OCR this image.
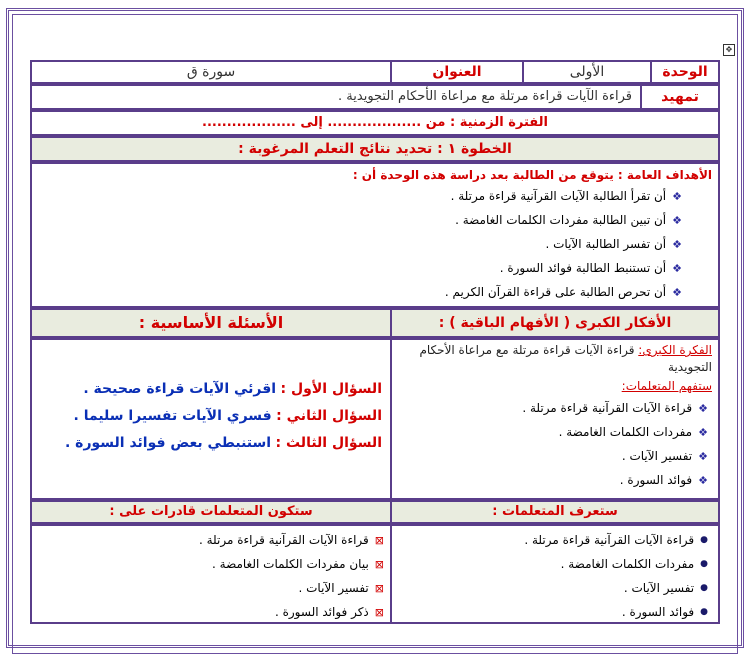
✥
الوحدة
الأولى
العنوان
سورة ق
تمهيد
قراءة الآيات قراءة مرتلة مع مراعاة الأحكام التجويدية .
الفترة الزمنية : من ................... إلى ...................
الخطوة ١ : تحديد نتائج التعلم المرغوبة :
الأهداف العامة : يتوقع من الطالبة بعد دراسة هذه الوحدة أن :
❖
أن تقرأ الطالبة الآيات القرآنية قراءة مرتلة .
❖
أن تبين الطالبة مفردات الكلمات الغامضة .
❖
أن تفسر الطالبة الآيات .
❖
أن تستنبط الطالبة فوائد السورة .
❖
أن تحرص الطالبة على قراءة القرآن الكريم .
الأفكار الكبرى ( الأفهام الباقية ) :
الأسئلة الأساسية :
الفكرة الكبرى: قراءة الآيات قراءة مرتلة مع مراعاة الأحكام التجويدية
ستفهم المتعلمات:
❖
قراءة الآيات القرآنية قراءة مرتلة .
❖
مفردات الكلمات الغامضة .
❖
تفسير الآيات .
❖
فوائد السورة .
السؤال الأول : اقرئي الآيات قراءة صحيحة .
السؤال الثاني : فسري الآيات تفسيرا سليما .
السؤال الثالث : استنبطي بعض فوائد السورة .
ستعرف المتعلمات :
ستكون المتعلمات قادرات على :
●
قراءة الآيات القرآنية قراءة مرتلة .
●
مفردات الكلمات الغامضة .
●
تفسير الآيات .
●
فوائد السورة .
⊠
قراءة الآيات القرآنية قراءة مرتلة .
⊠
بيان مفردات الكلمات الغامضة .
⊠
تفسير الآيات .
⊠
ذكر فوائد السورة .
